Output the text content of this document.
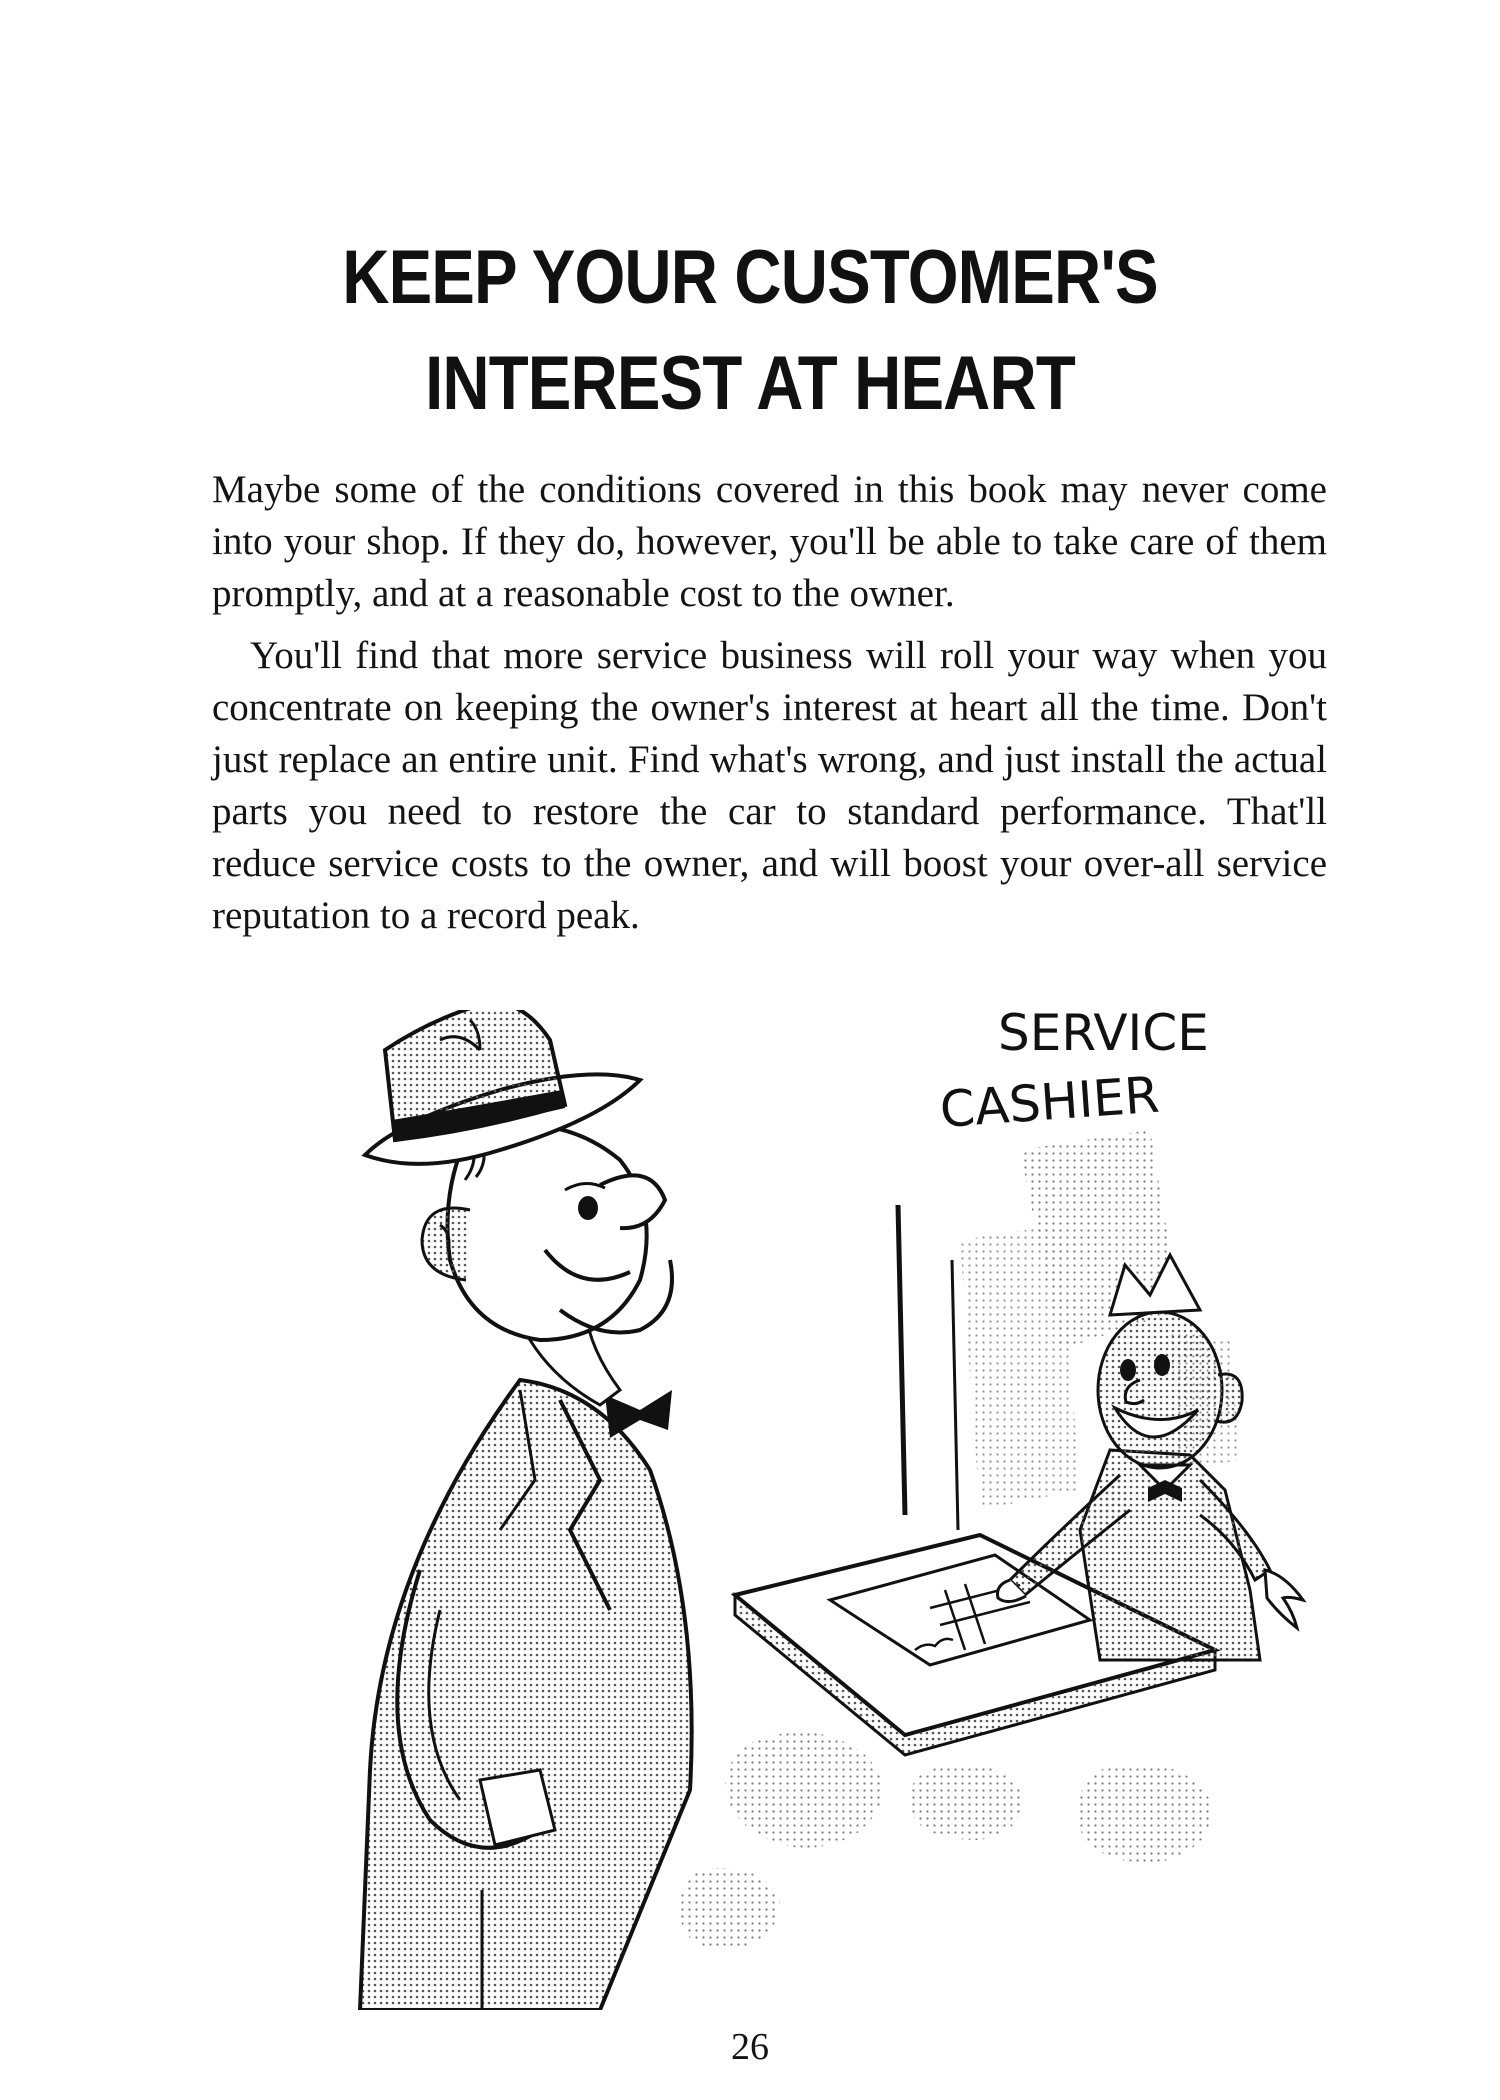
KEEP YOUR CUSTOMER'S
INTEREST AT HEART

Maybe some of the conditions covered in this book may never come into your shop. If they do, however, you'll be able to take care of them promptly, and at a reasonable cost to the owner.

You'll find that more service business will roll your way when you concentrate on keeping the owner's interest at heart all the time. Don't just replace an entire unit. Find what's wrong, and just install the actual parts you need to restore the car to standard performance. That'll reduce service costs to the owner, and will boost your over-all service reputation to a record peak.

SERVICE
CASHIER
26
